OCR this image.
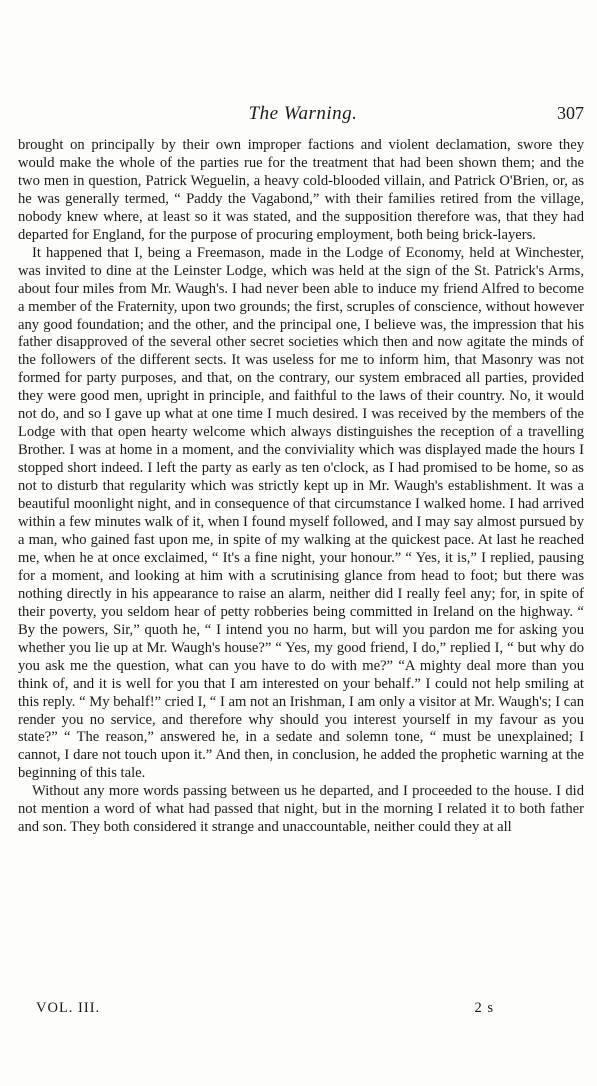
The Warning.	307

brought on principally by their own improper factions and violent declamation, swore they would make the whole of the parties rue for the treatment that had been shown them; and the two men in question, Patrick Weguelin, a heavy cold-blooded villain, and Patrick O'Brien, or, as he was generally termed, “ Paddy the Vagabond,” with their families retired from the village, nobody knew where, at least so it was stated, and the supposition therefore was, that they had departed for England, for the purpose of procuring employment, both being brick-layers.

It happened that I, being a Freemason, made in the Lodge of Economy, held at Winchester, was invited to dine at the Leinster Lodge, which was held at the sign of the St. Patrick's Arms, about four miles from Mr. Waugh's. I had never been able to induce my friend Alfred to become a member of the Fraternity, upon two grounds; the first, scruples of conscience, without however any good foundation; and the other, and the principal one, I believe was, the impression that his father disapproved of the several other secret societies which then and now agitate the minds of the followers of the different sects. It was useless for me to inform him, that Masonry was not formed for party purposes, and that, on the contrary, our system embraced all parties, provided they were good men, upright in principle, and faithful to the laws of their country. No, it would not do, and so I gave up what at one time I much desired. I was received by the members of the Lodge with that open hearty welcome which always distinguishes the reception of a travelling Brother. I was at home in a moment, and the conviviality which was displayed made the hours I stopped short indeed. I left the party as early as ten o'clock, as I had promised to be home, so as not to disturb that regularity which was strictly kept up in Mr. Waugh's establishment. It was a beautiful moonlight night, and in consequence of that circumstance I walked home. I had arrived within a few minutes walk of it, when I found myself followed, and I may say almost pursued by a man, who gained fast upon me, in spite of my walking at the quickest pace. At last he reached me, when he at once exclaimed, “ It's a fine night, your honour.” “ Yes, it is,” I replied, pausing for a moment, and looking at him with a scrutinising glance from head to foot; but there was nothing directly in his appearance to raise an alarm, neither did I really feel any; for, in spite of their poverty, you seldom hear of petty robberies being committed in Ireland on the highway. “ By the powers, Sir,” quoth he, “ I intend you no harm, but will you pardon me for asking you whether you lie up at Mr. Waugh's house?” “ Yes, my good friend, I do,” replied I, “ but why do you ask me the question, what can you have to do with me?” “A mighty deal more than you think of, and it is well for you that I am interested on your behalf.” I could not help smiling at this reply. “ My behalf!” cried I, “ I am not an Irishman, I am only a visitor at Mr. Waugh's; I can render you no service, and therefore why should you interest yourself in my favour as you state?” “ The reason,” answered he, in a sedate and solemn tone, “ must be unexplained; I cannot, I dare not touch upon it.” And then, in conclusion, he added the prophetic warning at the beginning of this tale.

Without any more words passing between us he departed, and I proceeded to the house. I did not mention a word of what had passed that night, but in the morning I related it to both father and son. They both considered it strange and unaccountable, neither could they at all

VOL. III.	2 s
